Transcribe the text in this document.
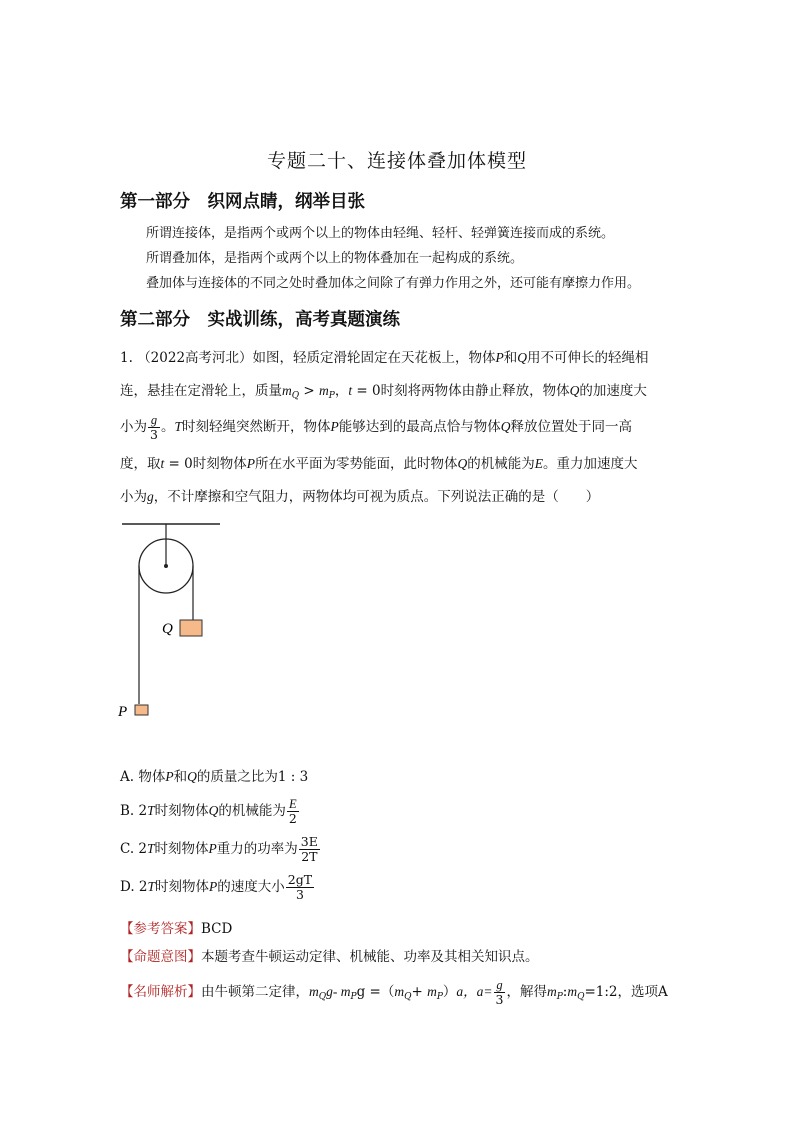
专题二十、连接体叠加体模型
第一部分　织网点睛，纲举目张
所谓连接体，是指两个或两个以上的物体由轻绳、轻杆、轻弹簧连接而成的系统。
所谓叠加体，是指两个或两个以上的物体叠加在一起构成的系统。
叠加体与连接体的不同之处时叠加体之间除了有弹力作用之外，还可能有摩擦力作用。
第二部分　实战训练，高考真题演练
1. （2022高考河北）如图，轻质定滑轮固定在天花板上，物体P和Q用不可伸长的轻绳相
连，悬挂在定滑轮上，质量$m_Q > m_P$，t = 0时刻将两物体由静止释放，物体Q的加速度大
小为 $\frac{g}{3}$ 。T时刻轻绳突然断开，物体P能够达到的最高点恰与物体Q释放位置处于同一高
度，取t = 0时刻物体P所在水平面为零势能面，此时物体Q的机械能为E。重力加速度大
小为g，不计摩擦和空气阻力，两物体均可视为质点。下列说法正确的是（　　）
Q
P
A. 物体P和Q的质量之比为1 : 3
B. 2T时刻物体Q的机械能为 $\frac{E}{2}$
C. 2T时刻物体P重力的功率为 $\frac{3E}{2T}$
D. 2T时刻物体P的速度大小 $\frac{2gT}{3}$
【参考答案】BCD
【命题意图】本题考查牛顿运动定律、机械能、功率及其相关知识点。
【名师解析】由牛顿第二定律，$m_Qg-$ $m_Pg =(m_Q+ m_P)a$，$a= \frac{g}{3}$ ，解得$m_P:m_Q=1:2$，选项A
